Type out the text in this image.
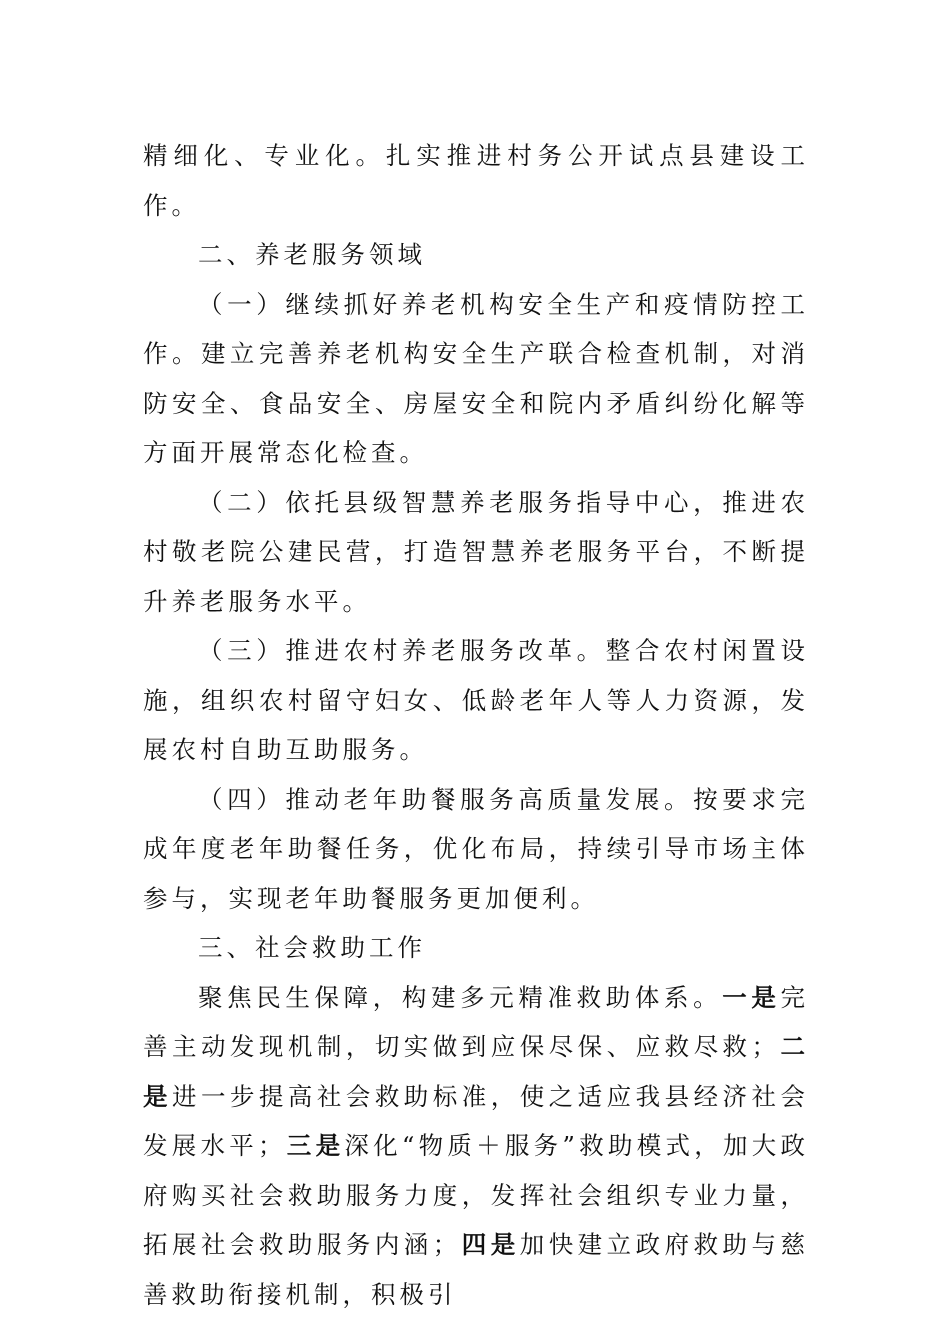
精细化、专业化。扎实推进村务公开试点县建设工作。

二、养老服务领域

（一）继续抓好养老机构安全生产和疫情防控工作。建立完善养老机构安全生产联合检查机制，对消防安全、食品安全、房屋安全和院内矛盾纠纷化解等方面开展常态化检查。

（二）依托县级智慧养老服务指导中心，推进农村敬老院公建民营，打造智慧养老服务平台，不断提升养老服务水平。

（三）推进农村养老服务改革。整合农村闲置设施，组织农村留守妇女、低龄老年人等人力资源，发展农村自助互助服务。

（四）推动老年助餐服务高质量发展。按要求完成年度老年助餐任务，优化布局，持续引导市场主体参与，实现老年助餐服务更加便利。

三、社会救助工作

聚焦民生保障，构建多元精准救助体系。一是完善主动发现机制，切实做到应保尽保、应救尽救；二是进一步提高社会救助标准，使之适应我县经济社会发展水平；三是深化“物质＋服务”救助模式，加大政府购买社会救助服务力度，发挥社会组织专业力量，拓展社会救助服务内涵；四是加快建立政府救助与慈善救助衔接机制，积极引
